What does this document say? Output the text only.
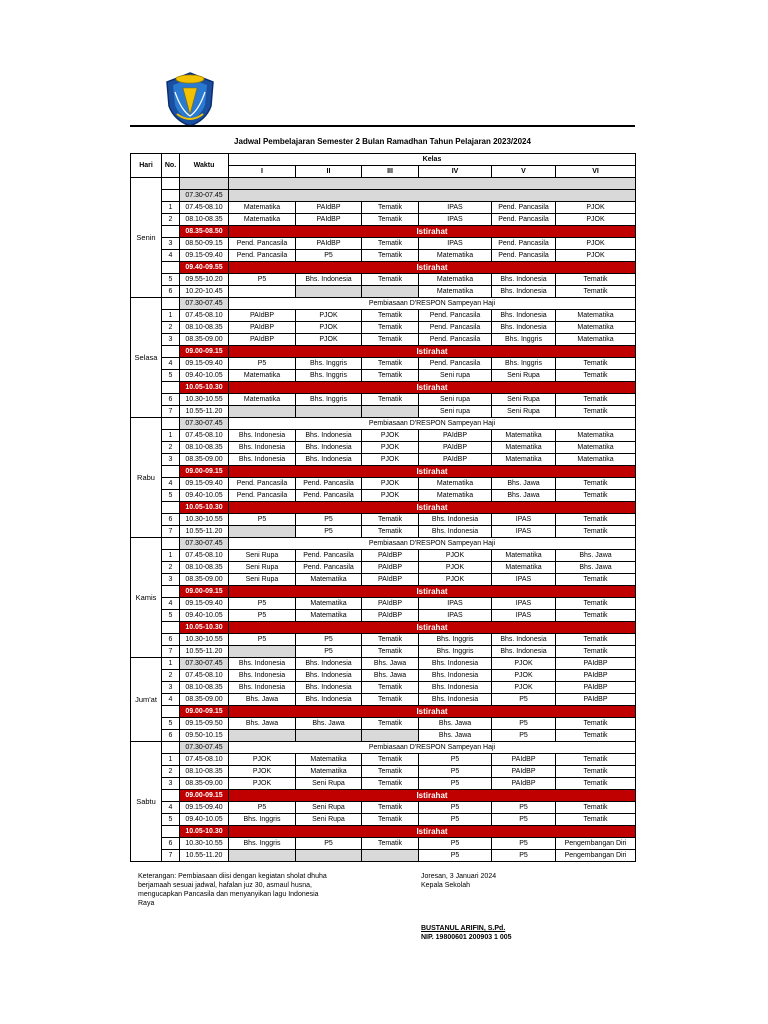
Jadwal Pembelajaran Semester 2 Bulan Ramadhan Tahun Pelajaran 2023/2024
Hari	No.	Waktu	Kelas					
			I	II	III	IV	V	VI
Senin								
		07.30-07.45						
	1	07.45-08.10	Matematika	PAIdBP	Tematik	IPAS	Pend. Pancasila	PJOK
	2	08.10-08.35	Matematika	PAIdBP	Tematik	IPAS	Pend. Pancasila	PJOK
		08.35-08.50	Istirahat					
	3	08.50-09.15	Pend. Pancasila	PAIdBP	Tematik	IPAS	Pend. Pancasila	PJOK
	4	09.15-09.40	Pend. Pancasila	P5	Tematik	Matematika	Pend. Pancasila	PJOK
		09.40-09.55	Istirahat					
	5	09.55-10.20	P5	Bhs. Indonesia	Tematik	Matematika	Bhs. Indonesia	Tematik
	6	10.20-10.45				Matematika	Bhs. Indonesia	Tematik
Selasa		07.30-07.45	Pembiasaan D'RESPON Sampeyan Haji					
	1	07.45-08.10	PAIdBP	PJOK	Tematik	Pend. Pancasila	Bhs. Indonesia	Matematika
	2	08.10-08.35	PAIdBP	PJOK	Tematik	Pend. Pancasila	Bhs. Indonesia	Matematika
	3	08.35-09.00	PAIdBP	PJOK	Tematik	Pend. Pancasila	Bhs. Inggris	Matematika
		09.00-09.15	Istirahat					
	4	09.15-09.40	P5	Bhs. Inggris	Tematik	Pend. Pancasila	Bhs. Inggris	Tematik
	5	09.40-10.05	Matematika	Bhs. Inggris	Tematik	Seni rupa	Seni Rupa	Tematik
		10.05-10.30	Istirahat					
	6	10.30-10.55	Matematika	Bhs. Inggris	Tematik	Seni rupa	Seni Rupa	Tematik
	7	10.55-11.20				Seni rupa	Seni Rupa	Tematik
Rabu		07.30-07.45	Pembiasaan D'RESPON Sampeyan Haji					
	1	07.45-08.10	Bhs. Indonesia	Bhs. Indonesia	PJOK	PAIdBP	Matematika	Matematika
	2	08.10-08.35	Bhs. Indonesia	Bhs. Indonesia	PJOK	PAIdBP	Matematika	Matematika
	3	08.35-09.00	Bhs. Indonesia	Bhs. Indonesia	PJOK	PAIdBP	Matematika	Matematika
		09.00-09.15	Istirahat					
	4	09.15-09.40	Pend. Pancasila	Pend. Pancasila	PJOK	Matematika	Bhs. Jawa	Tematik
	5	09.40-10.05	Pend. Pancasila	Pend. Pancasila	PJOK	Matematika	Bhs. Jawa	Tematik
		10.05-10.30	Istirahat					
	6	10.30-10.55	P5	P5	Tematik	Bhs. Indonesia	IPAS	Tematik
	7	10.55-11.20		P5	Tematik	Bhs. Indonesia	IPAS	Tematik
Kamis		07.30-07.45	Pembiasaan D'RESPON Sampeyan Haji					
	1	07.45-08.10	Seni Rupa	Pend. Pancasila	PAIdBP	PJOK	Matematika	Bhs. Jawa
	2	08.10-08.35	Seni Rupa	Pend. Pancasila	PAIdBP	PJOK	Matematika	Bhs. Jawa
	3	08.35-09.00	Seni Rupa	Matematika	PAIdBP	PJOK	IPAS	Tematik
		09.00-09.15	Istirahat					
	4	09.15-09.40	P5	Matematika	PAIdBP	IPAS	IPAS	Tematik
	5	09.40-10.05	P5	Matematika	PAIdBP	IPAS	IPAS	Tematik
		10.05-10.30	Istirahat					
	6	10.30-10.55	P5	P5	Tematik	Bhs. Inggris	Bhs. Indonesia	Tematik
	7	10.55-11.20		P5	Tematik	Bhs. Inggris	Bhs. Indonesia	Tematik
Jum'at	1	07.30-07.45	Bhs. Indonesia	Bhs. Indonesia	Bhs. Jawa	Bhs. Indonesia	PJOK	PAIdBP
	2	07.45-08.10	Bhs. Indonesia	Bhs. Indonesia	Bhs. Jawa	Bhs. Indonesia	PJOK	PAIdBP
	3	08.10-08.35	Bhs. Indonesia	Bhs. Indonesia	Tematik	Bhs. Indonesia	PJOK	PAIdBP
	4	08.35-09.00	Bhs. Jawa	Bhs. Indonesia	Tematik	Bhs. Indonesia	P5	PAIdBP
		09.00-09.15	Istirahat					
	5	09.15-09.50	Bhs. Jawa	Bhs. Jawa	Tematik	Bhs. Jawa	P5	Tematik
	6	09.50-10.15				Bhs. Jawa	P5	Tematik
Sabtu		07.30-07.45	Pembiasaan D'RESPON Sampeyan Haji					
	1	07.45-08.10	PJOK	Matematika	Tematik	P5	PAIdBP	Tematik
	2	08.10-08.35	PJOK	Matematika	Tematik	P5	PAIdBP	Tematik
	3	08.35-09.00	PJOK	Seni Rupa	Tematik	P5	PAIdBP	Tematik
		09.00-09.15	Istirahat					
	4	09.15-09.40	P5	Seni Rupa	Tematik	P5	P5	Tematik
	5	09.40-10.05	Bhs. Inggris	Seni Rupa	Tematik	P5	P5	Tematik
		10.05-10.30	Istirahat					
	6	10.30-10.55	Bhs. Inggris	P5	Tematik	P5	P5	Pengembangan Diri
	7	10.55-11.20				P5	P5	Pengembangan Diri
Keterangan: Pembiasaan diisi dengan kegiatan sholat dhuha
berjamaah sesuai jadwal, hafalan juz 30, asmaul husna,
mengucapkan Pancasila dan menyanyikan lagu Indonesia
Raya
Joresan, 3 Januari 2024
Kepala Sekolah
BUSTANUL ARIFIN, S.Pd.
NIP. 19800601 200903 1 005
